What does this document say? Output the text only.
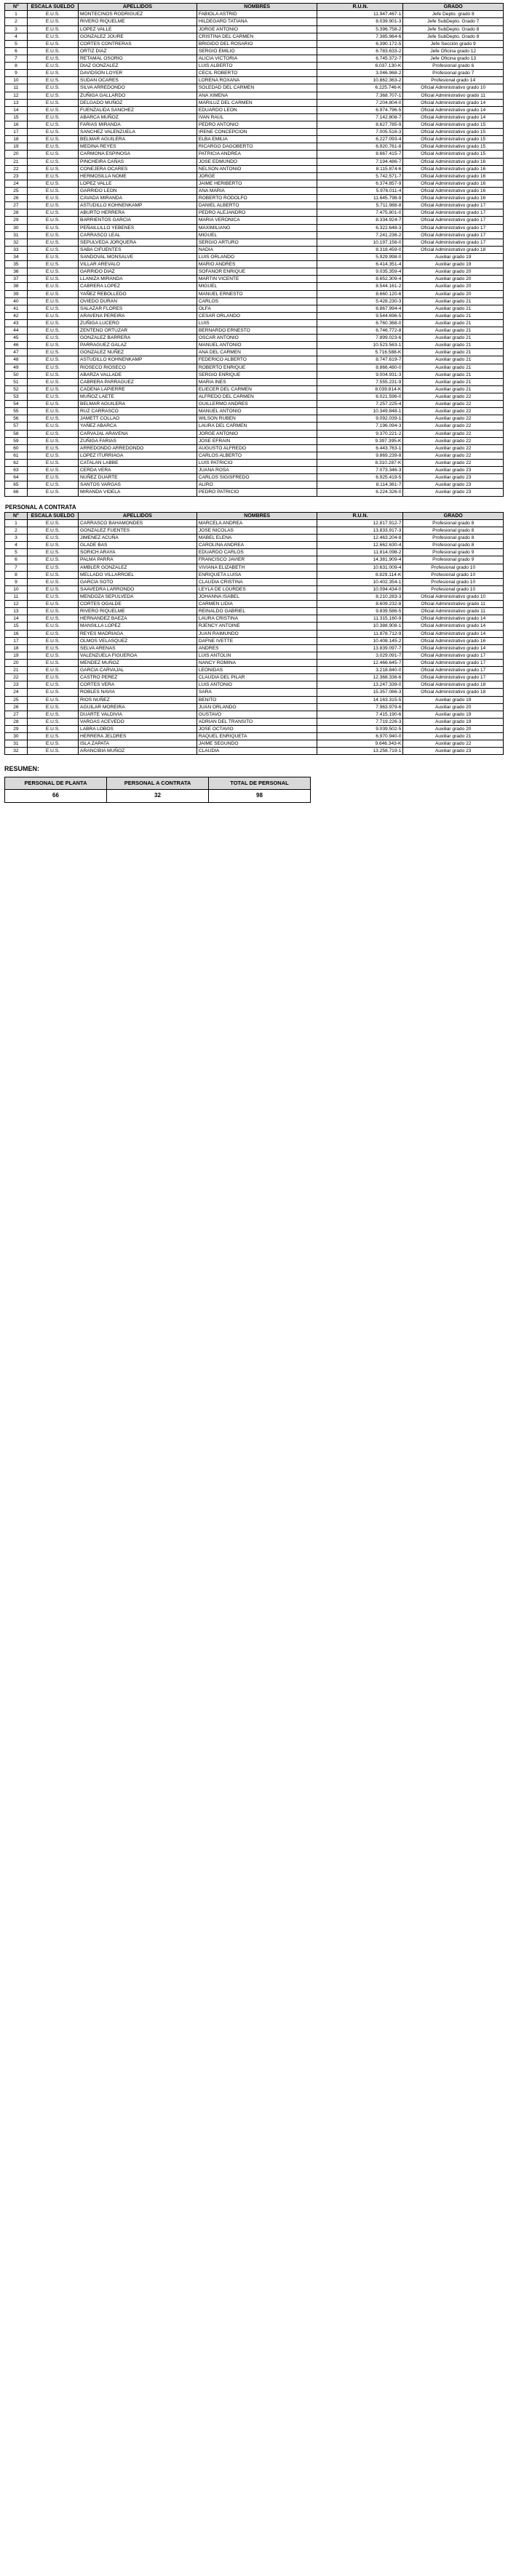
N°	ESCALA SUELDO	APELLIDOS	NOMBRES	R.U.N.	GRADO
1	E.U.S.	MONTECINOS RODRIGUEZ	FABIOLA ASTRID	11.947.467-1	Jefe Depto. grado 8
2	E.U.S.	RIVERO RIQUELME	HILDEGARD TATIANA	8.039.901-3	Jefe SubDepto. Grado 7
3	E.U.S.	LOPEZ VALLE	JORGE ANTONIO	5.396.758-2	Jefe SubDepto. Grado 8
4	E.U.S.	GONZALEZ JOURE	CRISTINA DEL CARMEN	7.385.964-6	Jefe SubDepto. Grado 8
5	E.U.S.	CORTES CONTRERAS	BRIGIDO DEL ROSARIO	6.390.172-5	Jefe Sección grado 9
6	E.U.S.	ORTIZ DIAZ	SERGIO EMILIO	6.783.633-2	Jefe Oficina grado 12
7	E.U.S.	RETAMAL OSORIO	ALICIA VICTORIA	6.745.372-7	Jefe Oficina grado 13
8	E.U.S.	DIAZ GONZALEZ	LUIS ALBERTO	6.037.130-K	Profesional grado 6
9	E.U.S.	DAVIDSON LOYER	CECIL ROBERTO	3.046.968-2	Profesional grado 7
10	E.U.S.	SUDAN OCARES	LORENA ROXANA	10.862.363-2	Profesional grado 14
11	E.U.S.	SILVA ARREDONDO	SOLEDAD DEL CARMEN	6.225.746-K	Oficial Administrativo grado 10
12	E.U.S.	ZUÑIGA GALLARDO	ANA XIMENA	7.368.707-1	Oficial Administrativo grado 11
13	E.U.S.	DELGADO MUÑOZ	MARILUZ DEL CARMEN	7.204.804-0	Oficial Administrativo grado 14
14	E.U.S.	FUENZALIDA SANCHEZ	EDUARDO LEON	6.974.796-5	Oficial Administrativo grado 14
15	E.U.S.	ABARCA MUÑOZ	IVAN RAUL	7.142.808-7	Oficial Administrativo grado 14
16	E.U.S.	FARIAS MIRANDA	PEDRO ANTONIO	8.627.785-9	Oficial Administrativo grado 15
17	E.U.S.	SANCHEZ VALENZUELA	IRENE CONCEPCION	7.005.516-3	Oficial Administrativo grado 15
18	E.U.S.	BELMAR AGUILERA	ELBA EMILIA	6.227.093-4	Oficial Administrativo grado 15
19	E.U.S.	MEDINA REYES	RICARGO DAGOBERTO	6.920.761-8	Oficial Administrativo grado 15
20	E.U.S.	CARMONA ESPINOSA	PATRICIA ANDREA	8.667.415-7	Oficial Administrativo grado 15
21	E.U.S.	PINCHEIRA CAÑAS	JOSE EDMUNDO	7.194.486-7	Oficial Administrativo grado 16
22	E.U.S.	CONEJERA OCARES	NELSON ANTONIO	8.115.874-6	Oficial Administrativo grado 16
23	E.U.S.	HERMOSILLA NOME	JORGE	5.742.571-7	Oficial Administrativo grado 16
24	E.U.S.	LOPEZ VALLE	JAIME HERIBERTO	6.374.857-9	Oficial Administrativo grado 16
25	E.U.S.	GARRIDO LEON	ANA MARIA	5.976.011-4	Oficial Administrativo grado 16
26	E.U.S.	CAVADA MIRANDA	ROBERTO RODOLFO	11.645.798-9	Oficial Administrativo grado 16
27	E.U.S.	ASTUDILLO KOHNENKAMP	DANIEL ALBERTO	5.711.988-8	Oficial Administrativo grado 17
28	E.U.S.	ABURTO HERRERA	PEDRO ALEJANDRO	7.475.801-0	Oficial Administrativo grado 17
29	E.U.S.	BARRIENTOS GARCIA	MARIA VERONICA	8.334.924-7	Oficial Administrativo grado 17
30	E.U.S.	PEÑAILLILLO YEBENES	MAXIMILIANO	6.322.648-3	Oficial Administrativo grado 17
31	E.U.S.	CARRASCO LEAL	MIGUEL	7.241.236-2	Oficial Administrativo grado 17
32	E.U.S.	SEPULVEDA JORQUERA	SERGIO ARTURO	10.197.156-0	Oficial Administrativo grado 17
33	E.U.S.	SABA CIFUENTES	NADIA	8.318.459-0	Oficial Administrativo grado 18
34	E.U.S.	SANDOVAL MONSALVE	LUIS ORLANDO	5.929.998-0	Auxiliar grado 19
35	E.U.S.	VILLAR AREVALO	MARIO ANDRES	6.414.351-4	Auxiliar grado 19
36	E.U.S.	GARRIDO DIAZ	SOFANOR ENRIQUE	9.035.359-4	Auxiliar grado 20
37	E.U.S.	LLANIZA MIRANDA	MARTIN VICENTE	8.652.309-4	Auxiliar grado 20
38	E.U.S.	CABRERA LOPEZ	MIGUEL	8.544.161-2	Auxiliar grado 20
39	E.U.S.	YAÑEZ REBOLLEDO	MANUEL ERNESTO	8.660.120-6	Auxiliar grado 20
40	E.U.S.	OVIEDO DURAN	CARLOS	5.428.230-3	Auxiliar grado 21
41	E.U.S.	SALAZAR FLORES	OLFA	6.867.994-4	Auxiliar grado 21
42	E.U.S.	ARAVENA PEREIRA	CESAR ORLANDO	9.544.696-5	Auxiliar grado 21
43	E.U.S.	ZUÑIGA LUCERO	LUIS	6.760.368-0	Auxiliar grado 21
44	E.U.S.	ZENTENO ORTUZAR	BERNARDO ERNESTO	6.746.772-8	Auxiliar grado 21
45	E.U.S.	GONZALEZ BARRERA	OSCAR ANTONIO	7.899.023-6	Auxiliar grado 21
46	E.U.S.	PARRAGUEZ GALAZ	MANUEL ANTONIO	10.523.563-1	Auxiliar grado 21
47	E.U.S.	GONZALEZ NUÑEZ	ANA DEL CARMEN	5.716.588-K	Auxiliar grado 21
48	E.U.S.	ASTUDILLO KOHNENKAMP	FEDERICO ALBERTO	8.747.619-7	Auxiliar grado 21
49	E.U.S.	RIOSECO RIOSECO	ROBERTO ENRIQUE	8.866.480-0	Auxiliar grado 21
50	E.U.S.	ABARZA VALLADE	SERGIO ENRIQUE	9.004.931-3	Auxiliar grado 21
51	E.U.S.	CABRERA PARRAGUEZ	MARIA INES	7.555.231-9	Auxiliar grado 21
52	E.U.S.	CADENA LAPIERRE	ELIECER DEL CARMEN	8.039.814-K	Auxiliar grado 21
53	E.U.S.	MUÑOZ LAETE	ALFREDO DEL CARMEN	6.021.596-0	Auxiliar grado 22
54	E.U.S.	BELMAR AGUILERA	GUILLERMO ANDRES	7.257.225-4	Auxiliar grado 22
55	E.U.S.	RUZ CARRASCO	MANUEL ANTONIO	10.349.848-1	Auxiliar grado 22
56	E.U.S.	JAMETT COLLAO	WILSON RUBEN	9.092.039-1	Auxiliar grado 22
57	E.U.S.	YAÑEZ ABARCA	LAURA DEL CARMEN	7.196.094-3	Auxiliar grado 22
58	E.U.S.	CARVAJAL ARAVENA	JORGE ANTONIO	9.370.221-2	Auxiliar grado 22
59	E.U.S.	ZUÑIGA FARIAS	JOSE EFRAIN	9.397.395-K	Auxiliar grado 22
60	E.U.S.	ARREDONDO ARREDONDO	AUGUSTO ALFREDO	6.443.763-1	Auxiliar grado 22
61	E.U.S.	LOPEZ ITURRIAGA	CARLOS ALBERTO	9.869.239-8	Auxiliar grado 22
62	E.U.S.	CATALAN LABBE	LUIS PATRICIO	8.310.287-K	Auxiliar grado 22
63	E.U.S.	CERDA VERA	JUANA ROSA	7.073.346-3	Auxiliar grado 23
64	E.U.S.	NUÑEZ DUARTE	CARLOS SIGISFREDO	6.925.419-5	Auxiliar grado 23
65	E.U.S.	SANTOS VARGAS	ALIRO	8.114.361-7	Auxiliar grado 23
66	E.U.S.	MIRANDA VIDELA	PEDRO PATRICIO	6.224.326-0	Auxiliar grado 23
PERSONAL A CONTRATA
N°	ESCALA SUELDO	APELLIDOS	NOMBRES	R.U.N.	GRADO
1	E.U.S.	CARRASCO BAHAMONDES	MARCELA ANDREA	12.817.912-7	Profesional grado 8
2	E.U.S.	GONZALEZ FUENTES	JOSE NICOLAS	13.833.917-3	Profesional grado 8
3	E.U.S.	JIMENEZ ACUÑA	MABEL ELENA	12.463.204-8	Profesional grado 8
4	E.U.S.	GLADE BAS	CAROLINA ANDREA	12.662.630-4	Profesional grado 8
5	E.U.S.	SORICH ARAYA	EDUARDO CARLOS	11.814.098-2	Profesional grado 9
6	E.U.S.	PALMA PARRA	FRANCISCO JAVIER	14.381.909-4	Profesional grado 9
7	E.U.S.	AMBLER GONZALEZ	VIVIANA ELIZABETH	10.631.009-4	Profesional grado 10
8	E.U.S.	MELLADO VILLARROEL	ENRIQUETA LUISA	8.829.114-K	Profesional grado 10
9	E.U.S.	GARCIA SOTO	CLAUDIA CRISTINA	10.402.354-1	Profesional grado 10
10	E.U.S.	SAAVEDRA LARRONDO	LEYLA DE LOURDES	10.094.434-0	Profesional grado 10
11	E.U.S.	MENDOZA SEPULVEDA	JOHANNA ISABEL	8.210.283-3	Oficial Administrativo grado 10
12	E.U.S.	CORTES OGALDE	CARMEN LIDIA	8.609.232-8	Oficial Administrativo grado 11
13	E.U.S.	RIVERO RIQUELME	REINALDO GABRIEL	9.839.586-5	Oficial Administrativo grado 11
14	E.U.S.	HERNANDEZ BAEZA	LAURA CRISTINA	11.315.160-9	Oficial Administrativo grado 14
15	E.U.S.	MANSILLA LOPEZ	RJENCY ANTOINE	10.388.908-1	Oficial Administrativo grado 14
16	E.U.S.	REYES MADRIAGA	JUAN RAIMUNDO	11.878.712-9	Oficial Administrativo grado 14
17	E.U.S.	OLMOS VELASQUEZ	DAFNE IVETTE	10.408.145-2	Oficial Administrativo grado 16
18	E.U.S.	SELVA ARENAS	ANDRES	13.839.097-7	Oficial Administrativo grado 14
19	E.U.S.	VALENZUELA FIGUEROA	LUIS ANTOLIN	3.029.091-7	Oficial Administrativo grado 17
20	E.U.S.	MENDEZ MUÑOZ	NANCY ROMINA	12.466.645-7	Oficial Administrativo grado 17
21	E.U.S.	GARCIA CARVAJAL	LEONIDAS	3.218.840-0	Oficial Administrativo grado 17
22	E.U.S.	CASTRO PEREZ	CLAUDIA DEL PILAR	12.368.336-6	Oficial Administrativo grado 17
23	E.U.S.	CORTES VERA	LUIS ANTONIO	13.247.339-0	Oficial Administrativo grado 18
24	E.U.S.	ROBLES NAVIA	SARA	15.357.066-3	Oficial Administrativo grado 18
25	E.U.S.	RIOS NUÑEZ	BENITO	14.163.315-5	Auxiliar grado 19
26	E.U.S.	AGUILAR MOREIRA	JUAN ORLANDO	7.963.979-6	Auxiliar grado 20
27	E.U.S.	DUARTE VALDIVIA	GUSTAVO	7.415.190-6	Auxiliar grado 19
28	E.U.S.	VARGAS ACEVEDO	ADRIAN DEL TRANSITO	7.719.226-3	Auxiliar grado 19
29	E.U.S.	LABRA LOBOS	JOSE OCTAVIO	9.039.502-5	Auxiliar grado 20
30	E.U.S.	HERRERA JELDRES	RAQUEL ENRIQUETA	6.970.940-0	Auxiliar grado 21
31	E.U.S.	ISLA ZAPATA	JAIME SEGUNDO	9.646.343-K	Auxiliar grado 22
32	E.U.S.	ARANCIBIA MUÑOZ	CLAUDIA	13.258.719-1	Auxiliar grado 23
RESUMEN:
PERSONAL DE PLANTA	PERSONAL A CONTRATA	TOTAL DE PERSONAL
66	32	98
